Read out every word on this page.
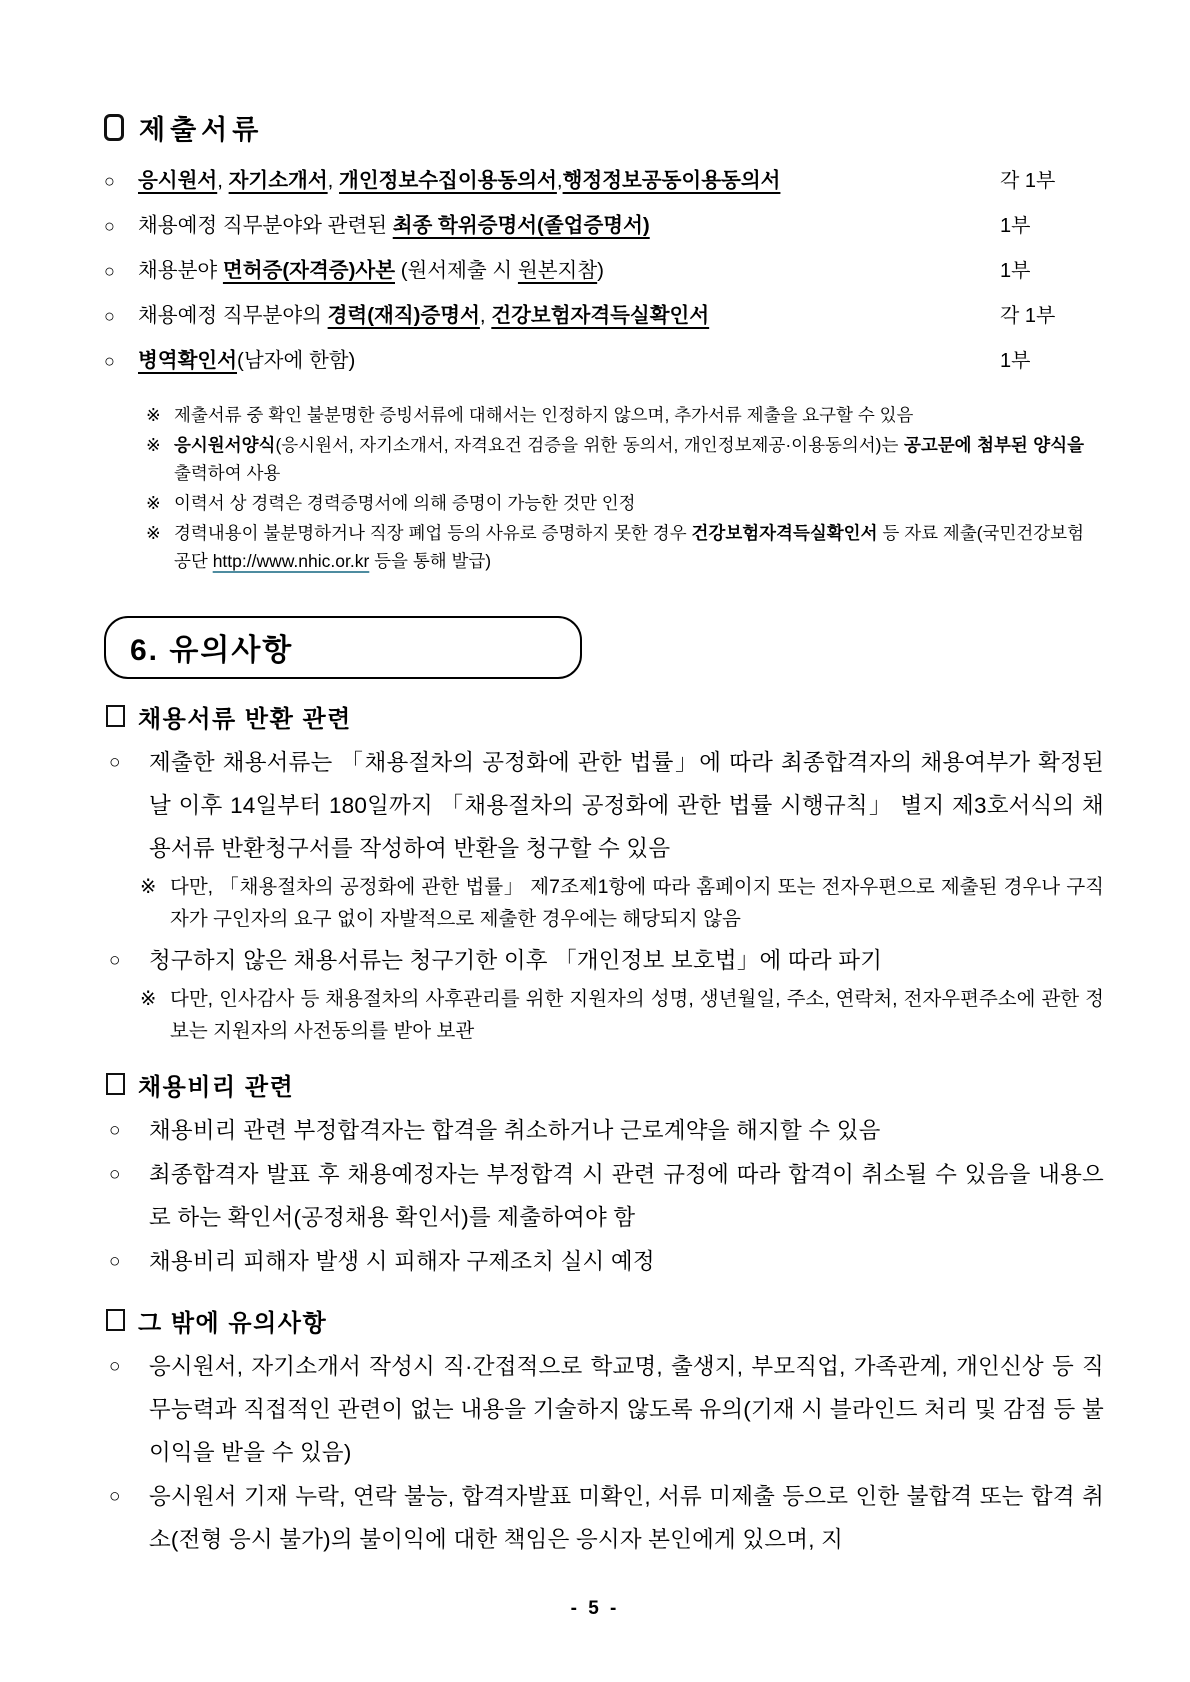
제출서류
○	응시원서, 자기소개서, 개인정보수집이용동의서,행정정보공동이용동의서	각 1부
○	채용예정 직무분야와 관련된 최종 학위증명서(졸업증명서)	1부
○	채용분야 면허증(자격증)사본 (원서제출 시 원본지참)	1부
○	채용예정 직무분야의 경력(재직)증명서, 건강보험자격득실확인서	각 1부
○	병역확인서(남자에 한함)	1부
※ 제출서류 중 확인 불분명한 증빙서류에 대해서는 인정하지 않으며, 추가서류 제출을 요구할 수 있음
※ 응시원서양식(응시원서, 자기소개서, 자격요건 검증을 위한 동의서, 개인정보제공·이용동의서)는 공고문에 첨부된 양식을 출력하여 사용
※ 이력서 상 경력은 경력증명서에 의해 증명이 가능한 것만 인정
※ 경력내용이 불분명하거나 직장 폐업 등의 사유로 증명하지 못한 경우 건강보험자격득실확인서 등 자료 제출(국민건강보험공단 http://www.nhic.or.kr 등을 통해 발급)
6. 유의사항
채용서류 반환 관련
○	제출한 채용서류는 「채용절차의 공정화에 관한 법률」에 따라 최종합격자의 채용여부가 확정된 날 이후 14일부터 180일까지 「채용절차의 공정화에 관한 법률 시행규칙」 별지 제3호서식의 채용서류 반환청구서를 작성하여 반환을 청구할 수 있음
※ 다만, 「채용절차의 공정화에 관한 법률」 제7조제1항에 따라 홈페이지 또는 전자우편으로 제출된 경우나 구직자가 구인자의 요구 없이 자발적으로 제출한 경우에는 해당되지 않음
○	청구하지 않은 채용서류는 청구기한 이후 「개인정보 보호법」에 따라 파기
※ 다만, 인사감사 등 채용절차의 사후관리를 위한 지원자의 성명, 생년월일, 주소, 연락처, 전자우편주소에 관한 정보는 지원자의 사전동의를 받아 보관
채용비리 관련
○	채용비리 관련 부정합격자는 합격을 취소하거나 근로계약을 해지할 수 있음
○	최종합격자 발표 후 채용예정자는 부정합격 시 관련 규정에 따라 합격이 취소될 수 있음을 내용으로 하는 확인서(공정채용 확인서)를 제출하여야 함
○	채용비리 피해자 발생 시 피해자 구제조치 실시 예정
그 밖에 유의사항
○	응시원서, 자기소개서 작성시 직·간접적으로 학교명, 출생지, 부모직업, 가족관계, 개인신상 등 직무능력과 직접적인 관련이 없는 내용을 기술하지 않도록 유의(기재 시 블라인드 처리 및 감점 등 불이익을 받을 수 있음)
○	응시원서 기재 누락, 연락 불능, 합격자발표 미확인, 서류 미제출 등으로 인한 불합격 또는 합격 취소(전형 응시 불가)의 불이익에 대한 책임은 응시자 본인에게 있으며, 지
- 5 -
